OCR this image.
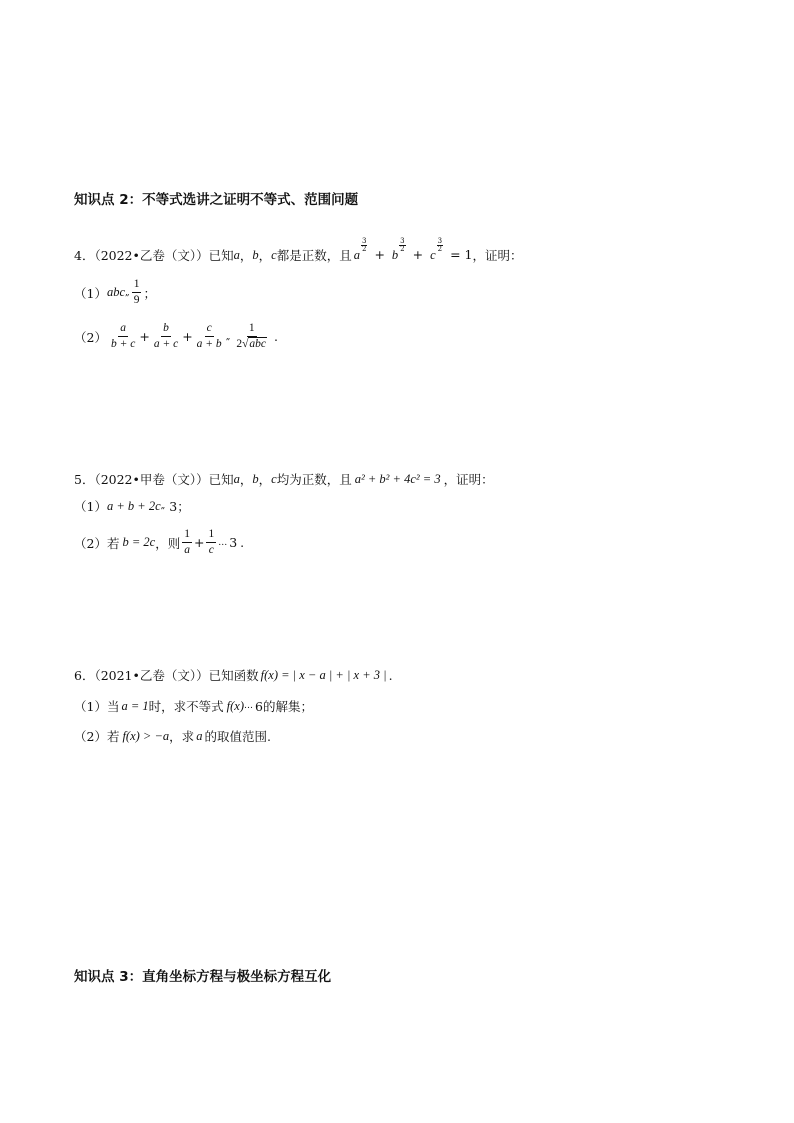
知识点 2：不等式选讲之证明不等式、范围问题
4．（2022•乙卷（文））已知 a ， b ， c 都是正数，且 a
$\frac{3}{2}$
+ b
$\frac{3}{2}$
+ c
$\frac{3}{2}$
= 1 ，证明：
（1） abc „ $\frac{1}{9}$ ；
$(2) \frac{a}{b + c} + \frac{b}{a + c} + \frac{c}{a + b}$ „ $\frac{1}{\text{2√abc}}$ .
5．（2022•甲卷（文））已知 a ， b ， c 均为正数，且 a² + b² + 4c² = 3 ，证明：
（1） a + b + 2c „ 3 ；
（2）若 b = 2c ，则 $\frac{1}{a} + \frac{1}{c}$ … 3 .
6．（2021•乙卷（文））已知函数 f(x) = | x − a | + | x + 3 | .
（1）当 a = 1 时，求不等式 f(x) … 6 的解集；
（2）若 f(x) > −a ，求 a 的取值范围.
知识点 3：直角坐标方程与极坐标方程互化
